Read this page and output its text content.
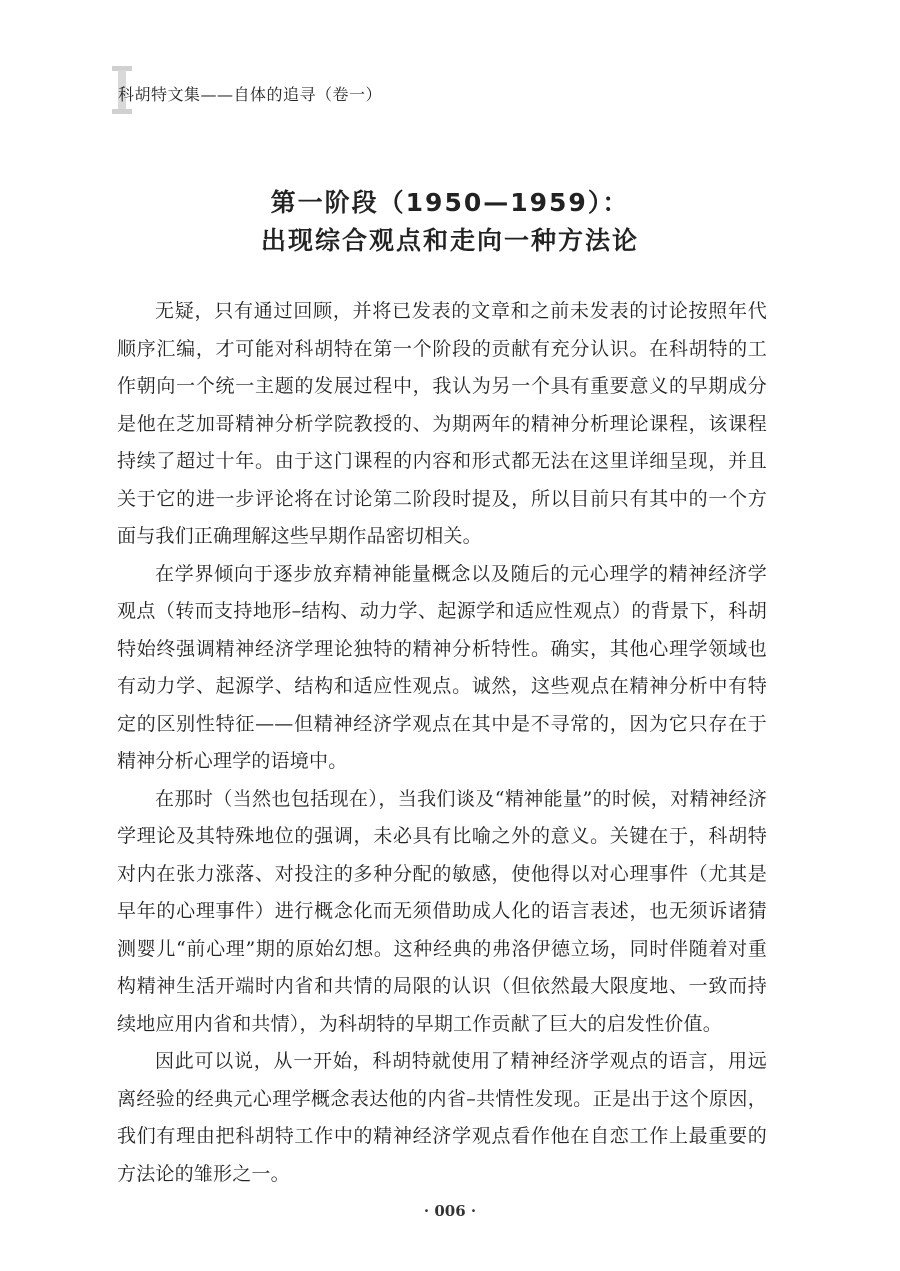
科胡特文集——自体的追寻（卷一）
第一阶段（1950—1959）：
出现综合观点和走向一种方法论

无疑，只有通过回顾，并将已发表的文章和之前未发表的讨论按照年代顺序汇编，才可能对科胡特在第一个阶段的贡献有充分认识。在科胡特的工作朝向一个统一主题的发展过程中，我认为另一个具有重要意义的早期成分是他在芝加哥精神分析学院教授的、为期两年的精神分析理论课程，该课程持续了超过十年。由于这门课程的内容和形式都无法在这里详细呈现，并且关于它的进一步评论将在讨论第二阶段时提及，所以目前只有其中的一个方面与我们正确理解这些早期作品密切相关。

在学界倾向于逐步放弃精神能量概念以及随后的元心理学的精神经济学观点（转而支持地形–结构、动力学、起源学和适应性观点）的背景下，科胡特始终强调精神经济学理论独特的精神分析特性。确实，其他心理学领域也有动力学、起源学、结构和适应性观点。诚然，这些观点在精神分析中有特定的区别性特征——但精神经济学观点在其中是不寻常的，因为它只存在于精神分析心理学的语境中。

在那时（当然也包括现在），当我们谈及“精神能量”的时候，对精神经济学理论及其特殊地位的强调，未必具有比喻之外的意义。关键在于，科胡特对内在张力涨落、对投注的多种分配的敏感，使他得以对心理事件（尤其是早年的心理事件）进行概念化而无须借助成人化的语言表述，也无须诉诸猜测婴儿“前心理”期的原始幻想。这种经典的弗洛伊德立场，同时伴随着对重构精神生活开端时内省和共情的局限的认识（但依然最大限度地、一致而持续地应用内省和共情），为科胡特的早期工作贡献了巨大的启发性价值。

因此可以说，从一开始，科胡特就使用了精神经济学观点的语言，用远离经验的经典元心理学概念表达他的内省–共情性发现。正是出于这个原因，我们有理由把科胡特工作中的精神经济学观点看作他在自恋工作上最重要的方法论的雏形之一。

· 006 ·
